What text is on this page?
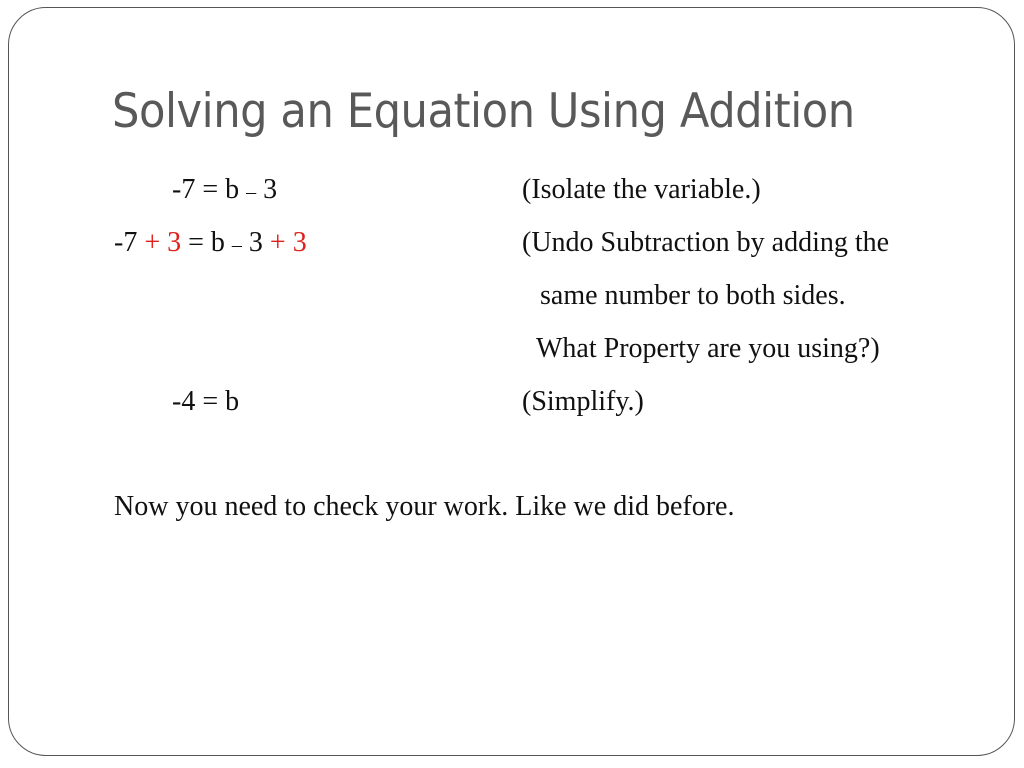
Solving an Equation Using Addition
-7 = b – 3	(Isolate the variable.)
-7 + 3 = b – 3 + 3	(Undo Subtraction by adding the
same number to both sides.
What Property are you using?)
-4 = b	(Simplify.)
Now you need to check your work. Like we did before.
